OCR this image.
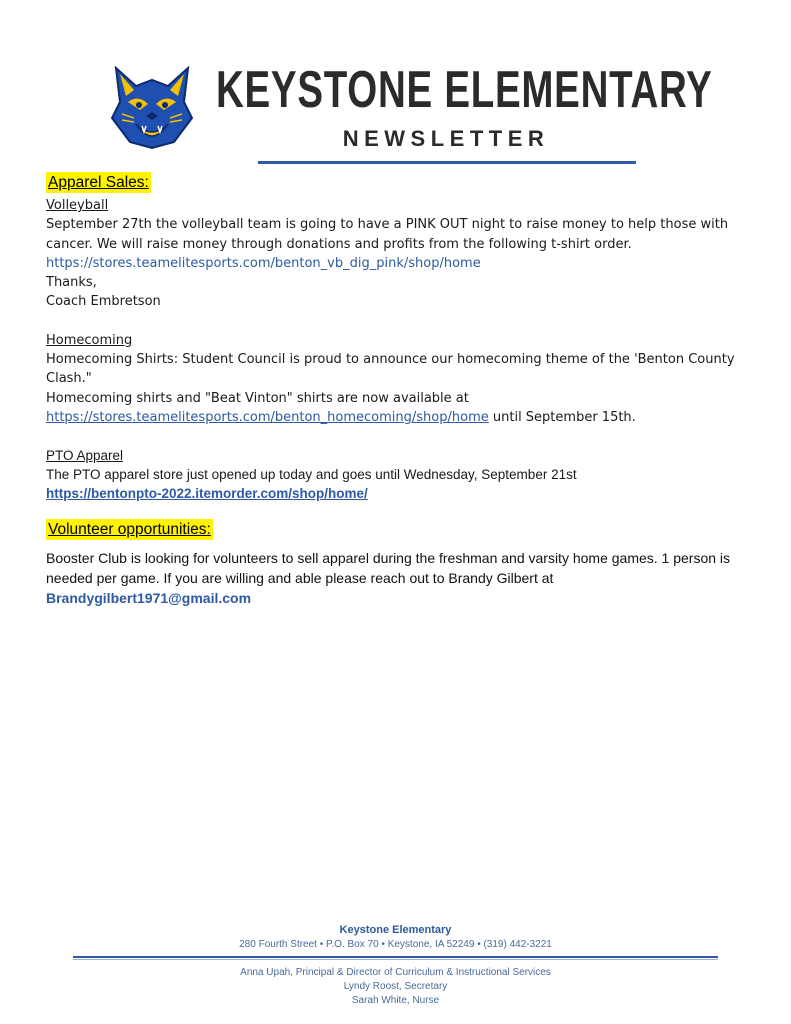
KEYSTONE ELEMENTARY
NEWSLETTER
Apparel Sales:

Volleyball

September 27th the volleyball team is going to have a PINK OUT night to raise money to help those with cancer. We will raise money through donations and profits from the following t-shirt order.

https://stores.teamelitesports.com/benton_vb_dig_pink/shop/home

Thanks,

Coach Embretson

Homecoming

Homecoming Shirts: Student Council is proud to announce our homecoming theme of the 'Benton County Clash."

Homecoming shirts and "Beat Vinton" shirts are now available at

https://stores.teamelitesports.com/benton_homecoming/shop/home until September 15th.

PTO Apparel

The PTO apparel store just opened up today and goes until Wednesday, September 21st

https://bentonpto-2022.itemorder.com/shop/home/

Volunteer opportunities:

Booster Club is looking for volunteers to sell apparel during the freshman and varsity home games. 1 person is needed per game. If you are willing and able please reach out to Brandy Gilbert at

Brandygilbert1971@gmail.com

Keystone Elementary
280 Fourth Street • P.O. Box 70 • Keystone, IA 52249 • (319) 442-3221
Anna Upah, Principal & Director of Curriculum & Instructional Services
Lyndy Roost, Secretary
Sarah White, Nurse
